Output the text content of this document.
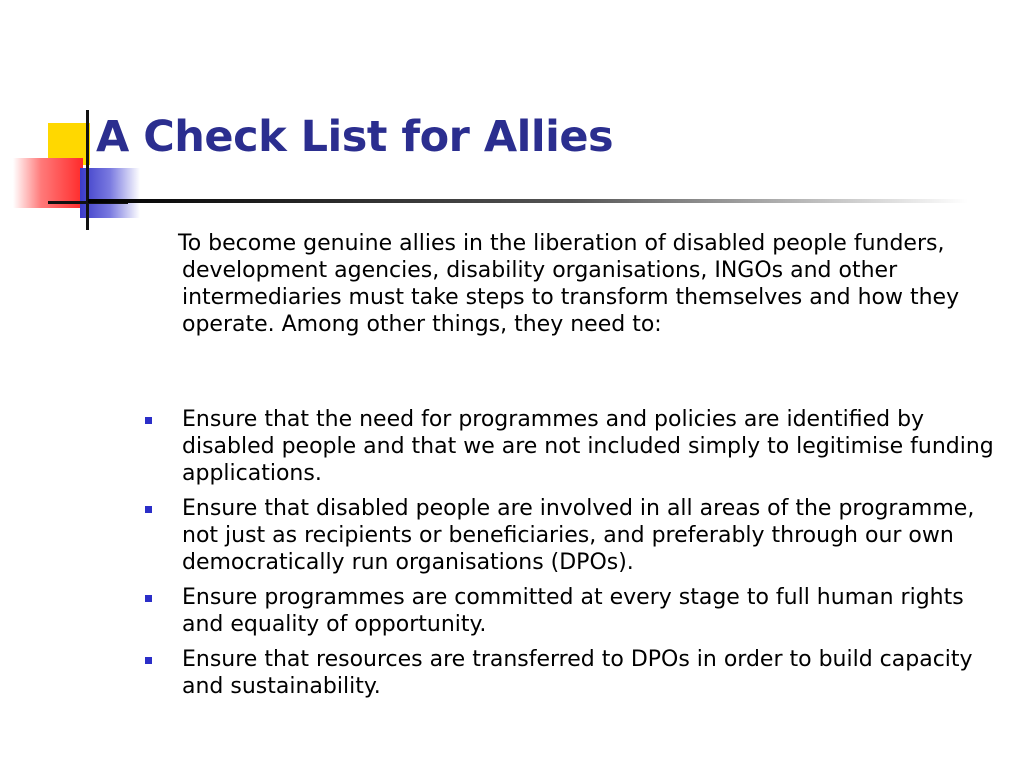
A Check List for Allies

To become genuine allies in the liberation of disabled people funders, development agencies, disability organisations, INGOs and other intermediaries must take steps to transform themselves and how they operate. Among other things, they need to:

Ensure that the need for programmes and policies are identified by disabled people and that we are not included simply to legitimise funding applications.
Ensure that disabled people are involved in all areas of the programme, not just as recipients or beneficiaries, and preferably through our own democratically run organisations (DPOs).
Ensure programmes are committed at every stage to full human rights and equality of opportunity.
Ensure that resources are transferred to DPOs in order to build capacity and sustainability.
